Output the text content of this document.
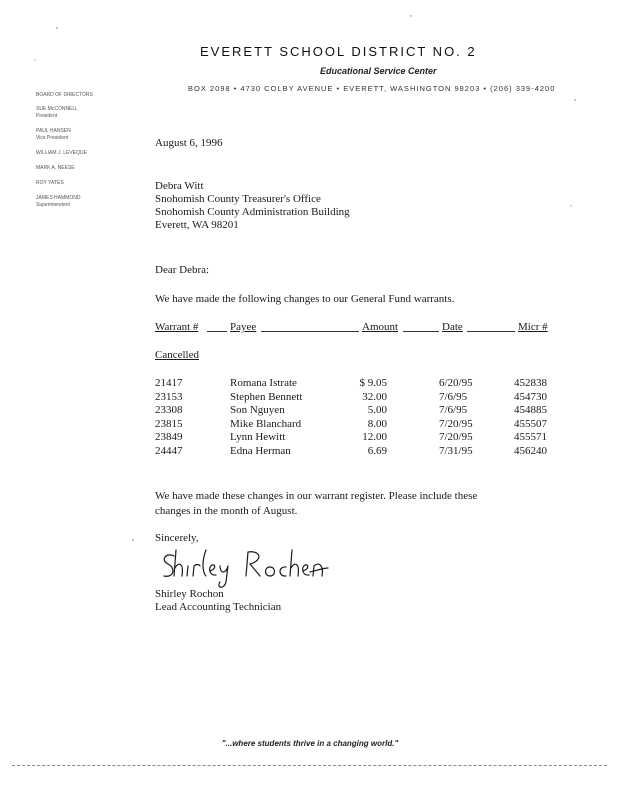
EVERETT SCHOOL DISTRICT NO. 2
Educational Service Center
BOX 2098 • 4730 COLBY AVENUE • EVERETT, WASHINGTON 98203 • (206) 339-4200
BOARD OF DIRECTORS
SUE McCONNELL
President
PAUL HANSEN
Vice President
WILLIAM J. LEVEQUE
MARK A. NEESE
ROY YATES
JAMES HAMMOND
Superintendent
August 6, 1996
Debra Witt
Snohomish County Treasurer's Office
Snohomish County Administration Building
Everett, WA 98201
Dear Debra:
We have made the following changes to our General Fund warrants.
Warrant #	Payee	Amount	Date	Micr #
Cancelled
21417	Romana Istrate	$ 9.05	6/20/95	452838
23153	Stephen Bennett	32.00	7/6/95	454730
23308	Son Nguyen	5.00	7/6/95	454885
23815	Mike Blanchard	8.00	7/20/95	455507
23849	Lynn Hewitt	12.00	7/20/95	455571
24447	Edna Herman	6.69	7/31/95	456240
We have made these changes in our warrant register. Please include these
changes in the month of August.
Sincerely,
Shirley Rochon
Lead Accounting Technician
"...where students thrive in a changing world."
